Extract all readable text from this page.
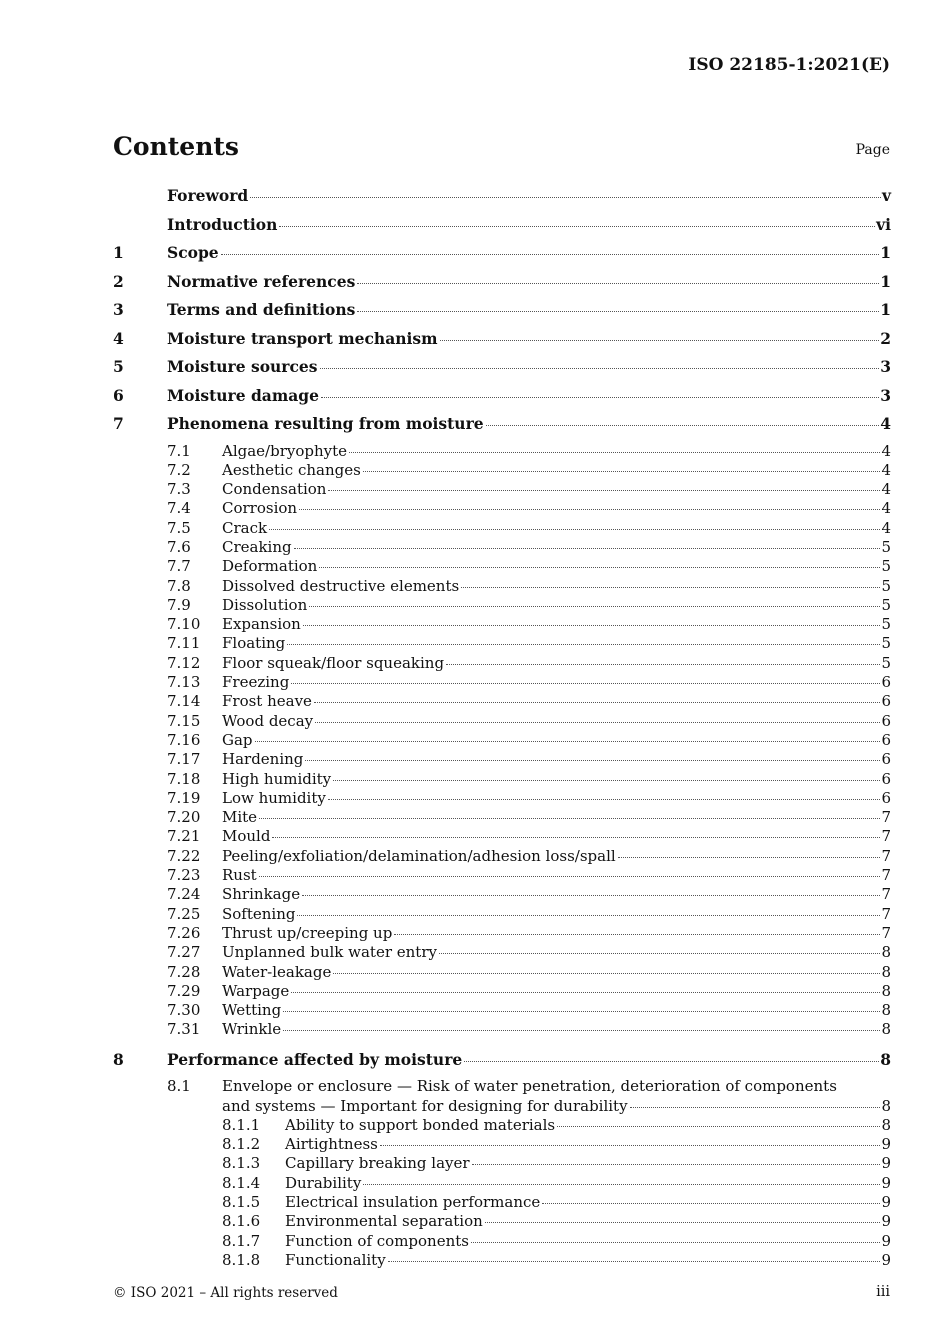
ISO 22185-1:2021(E)
Contents	Page
Foreword	v
Introduction	vi
1	Scope	1
2	Normative references	1
3	Terms and definitions	1
4	Moisture transport mechanism	2
5	Moisture sources	3
6	Moisture damage	3
7	Phenomena resulting from moisture	4
7.1	Algae/bryophyte	4
7.2	Aesthetic changes	4
7.3	Condensation	4
7.4	Corrosion	4
7.5	Crack	4
7.6	Creaking	5
7.7	Deformation	5
7.8	Dissolved destructive elements	5
7.9	Dissolution	5
7.10	Expansion	5
7.11	Floating	5
7.12	Floor squeak/floor squeaking	5
7.13	Freezing	6
7.14	Frost heave	6
7.15	Wood decay	6
7.16	Gap	6
7.17	Hardening	6
7.18	High humidity	6
7.19	Low humidity	6
7.20	Mite	7
7.21	Mould	7
7.22	Peeling/exfoliation/delamination/adhesion loss/spall	7
7.23	Rust	7
7.24	Shrinkage	7
7.25	Softening	7
7.26	Thrust up/creeping up	7
7.27	Unplanned bulk water entry	8
7.28	Water-leakage	8
7.29	Warpage	8
7.30	Wetting	8
7.31	Wrinkle	8
8	Performance affected by moisture	8
8.1	Envelope or enclosure — Risk of water penetration, deterioration of components
and systems — Important for designing for durability	8
8.1.1	Ability to support bonded materials	8
8.1.2	Airtightness	9
8.1.3	Capillary breaking layer	9
8.1.4	Durability	9
8.1.5	Electrical insulation performance	9
8.1.6	Environmental separation	9
8.1.7	Function of components	9
8.1.8	Functionality	9
© ISO 2021 – All rights reserved	iii
